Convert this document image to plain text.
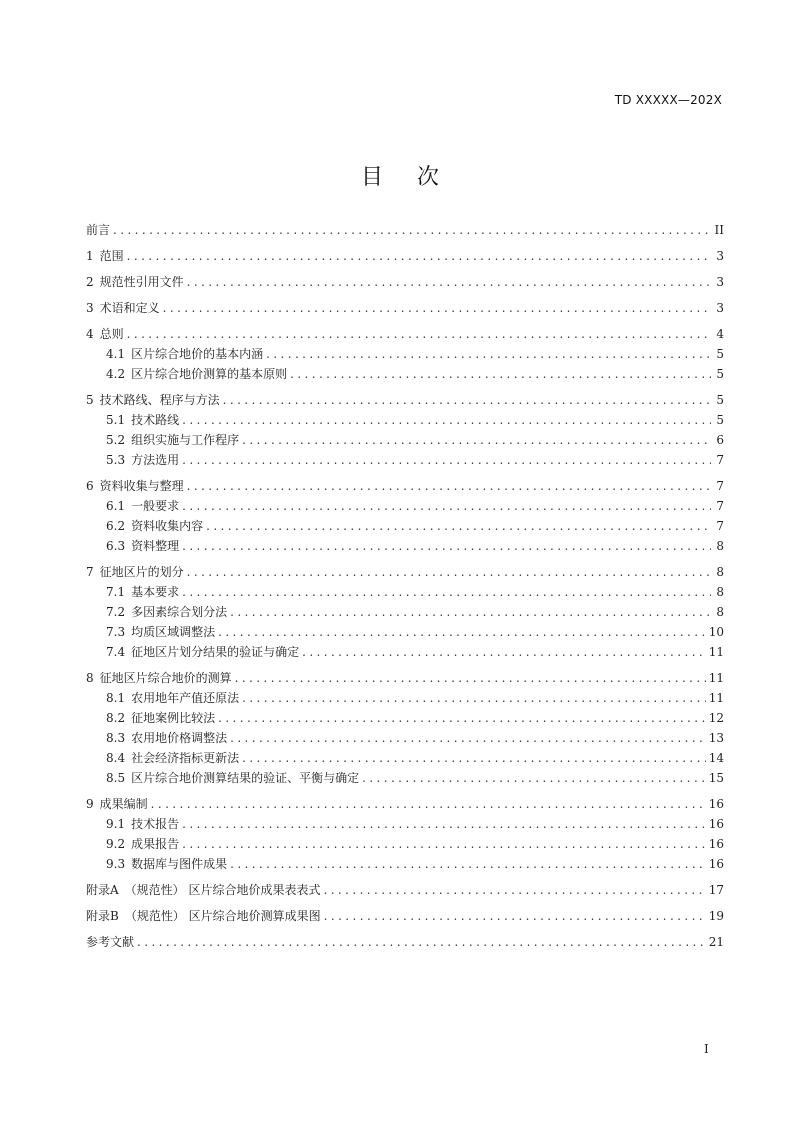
TD XXXXX—202X
目次
前言 .....	II
1 范围 .....	3
2 规范性引用文件 .....	3
3 术语和定义 .....	3
4 总则 .....	4
4.1 区片综合地价的基本内涵 .....	5
4.2 区片综合地价测算的基本原则 .....	5
5 技术路线、程序与方法 .....	5
5.1 技术路线 .....	5
5.2 组织实施与工作程序 .....	6
5.3 方法选用 .....	7
6 资料收集与整理 .....	7
6.1 一般要求 .....	7
6.2 资料收集内容 .....	7
6.3 资料整理 .....	8
7 征地区片的划分 .....	8
7.1 基本要求 .....	8
7.2 多因素综合划分法 .....	8
7.3 均质区域调整法 .....	10
7.4 征地区片划分结果的验证与确定 .....	11
8 征地区片综合地价的测算 .....	11
8.1 农用地年产值还原法 .....	11
8.2 征地案例比较法 .....	12
8.3 农用地价格调整法 .....	13
8.4 社会经济指标更新法 .....	14
8.5 区片综合地价测算结果的验证、平衡与确定 .....	15
9 成果编制 .....	16
9.1 技术报告 .....	16
9.2 成果报告 .....	16
9.3 数据库与图件成果 .....	16
附录A （规范性） 区片综合地价成果表表式 .....	17
附录B （规范性） 区片综合地价测算成果图 .....	19
参考文献 .....	21
I
